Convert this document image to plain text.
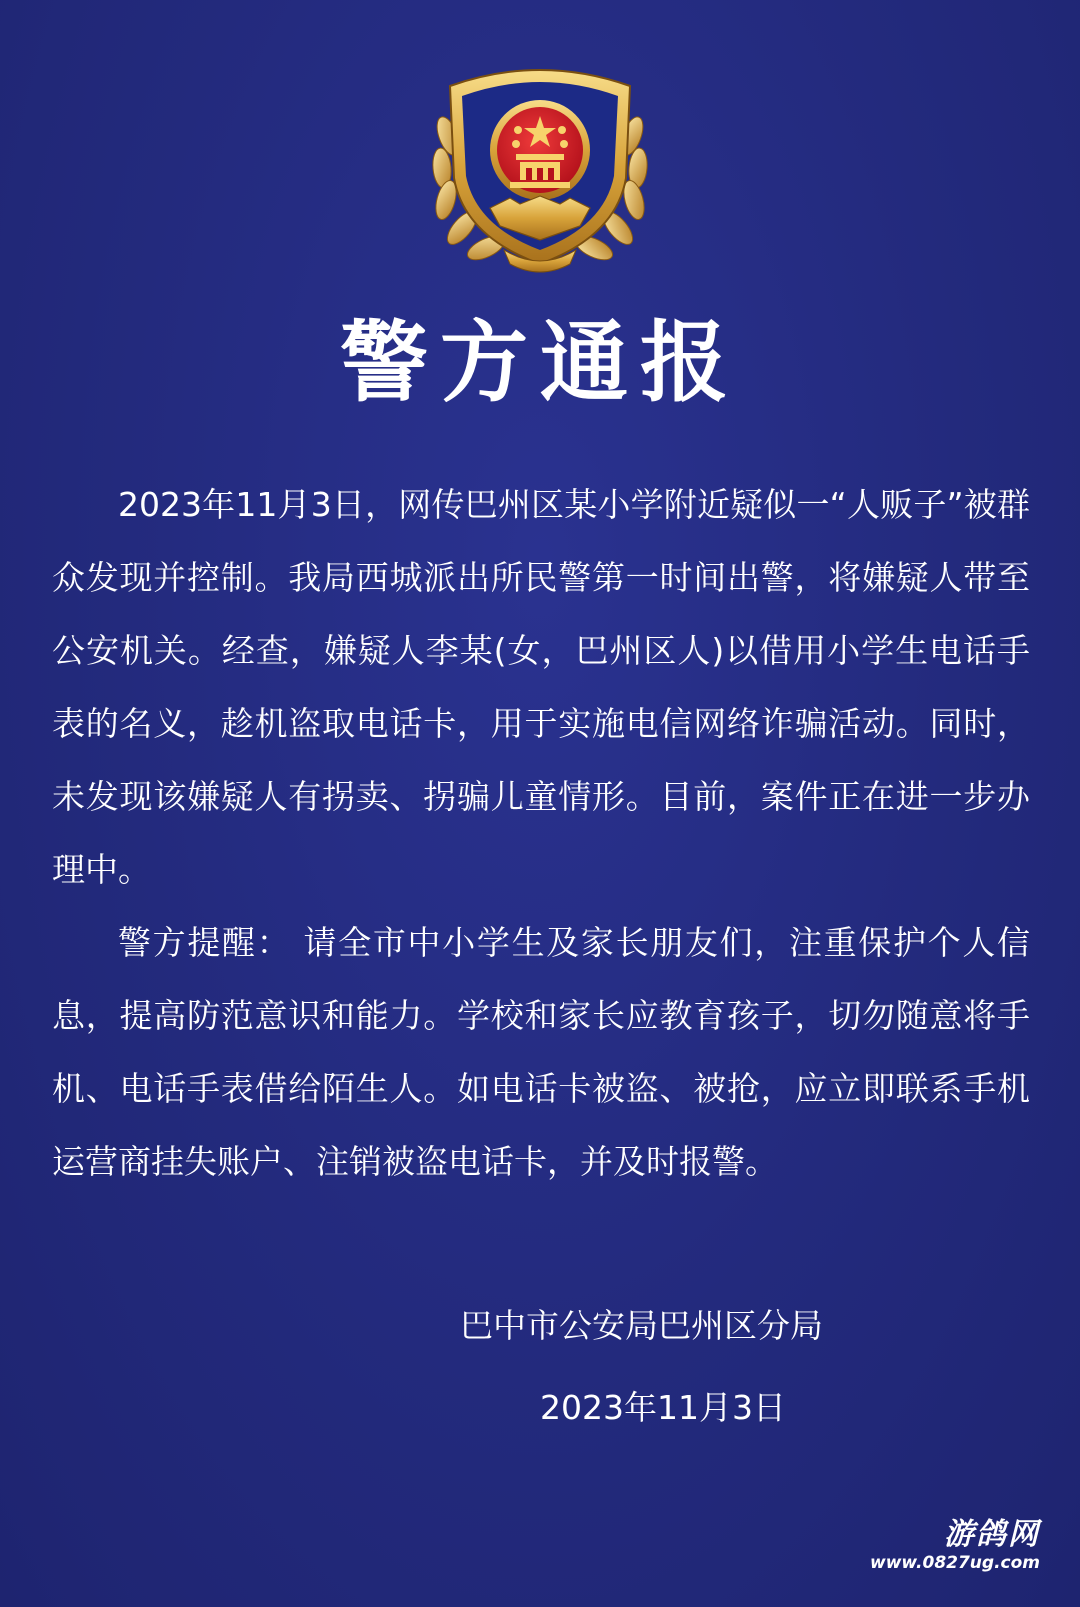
警方通报

2023年11月3日，网传巴州区某小学附近疑似一“人贩子”被群众发现并控制。我局西城派出所民警第一时间出警，将嫌疑人带至公安机关。经查，嫌疑人李某(女，巴州区人)以借用小学生电话手表的名义，趁机盗取电话卡，用于实施电信网络诈骗活动。同时，未发现该嫌疑人有拐卖、拐骗儿童情形。目前，案件正在进一步办理中。

警方提醒： 请全市中小学生及家长朋友们，注重保护个人信息，提高防范意识和能力。学校和家长应教育孩子，切勿随意将手机、电话手表借给陌生人。如电话卡被盗、被抢，应立即联系手机运营商挂失账户、注销被盗电话卡，并及时报警。

巴中市公安局巴州区分局
2023年11月3日
游鸽网
www.0827ug.com
